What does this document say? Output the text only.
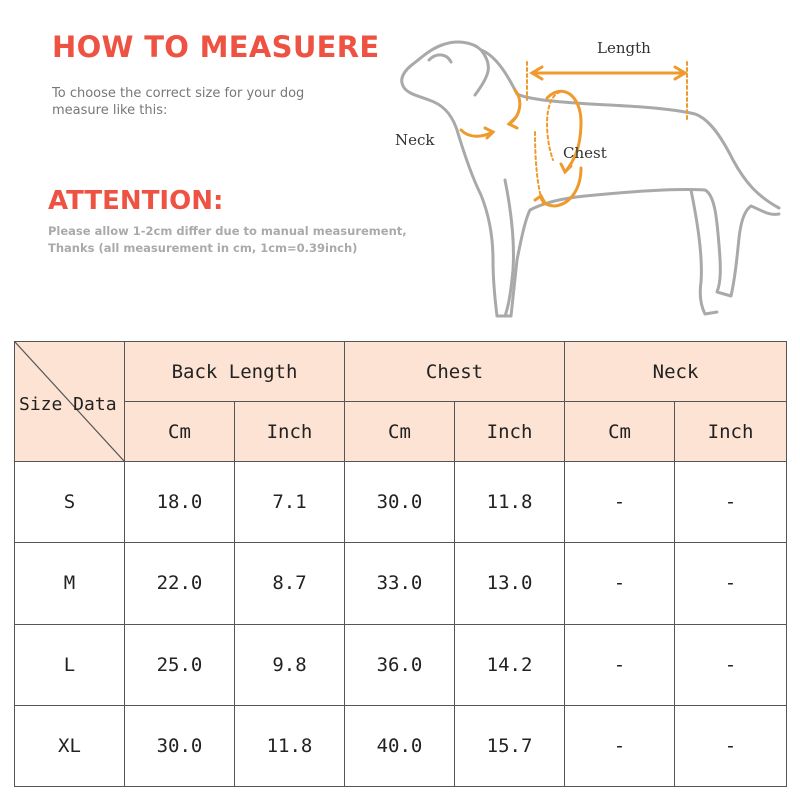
HOW TO MEASUERE
To choose the correct size for your dog
measure like this:
ATTENTION:
Please allow 1-2cm differ due to manual measurement,
Thanks (all measurement in cm, 1cm=0.39inch)
Length
Neck
Chest
Size Data	Back Length		Chest		Neck	
	Cm	Inch	Cm	Inch	Cm	Inch
S	18.0	7.1	30.0	11.8	-	-
M	22.0	8.7	33.0	13.0	-	-
L	25.0	9.8	36.0	14.2	-	-
XL	30.0	11.8	40.0	15.7	-	-
